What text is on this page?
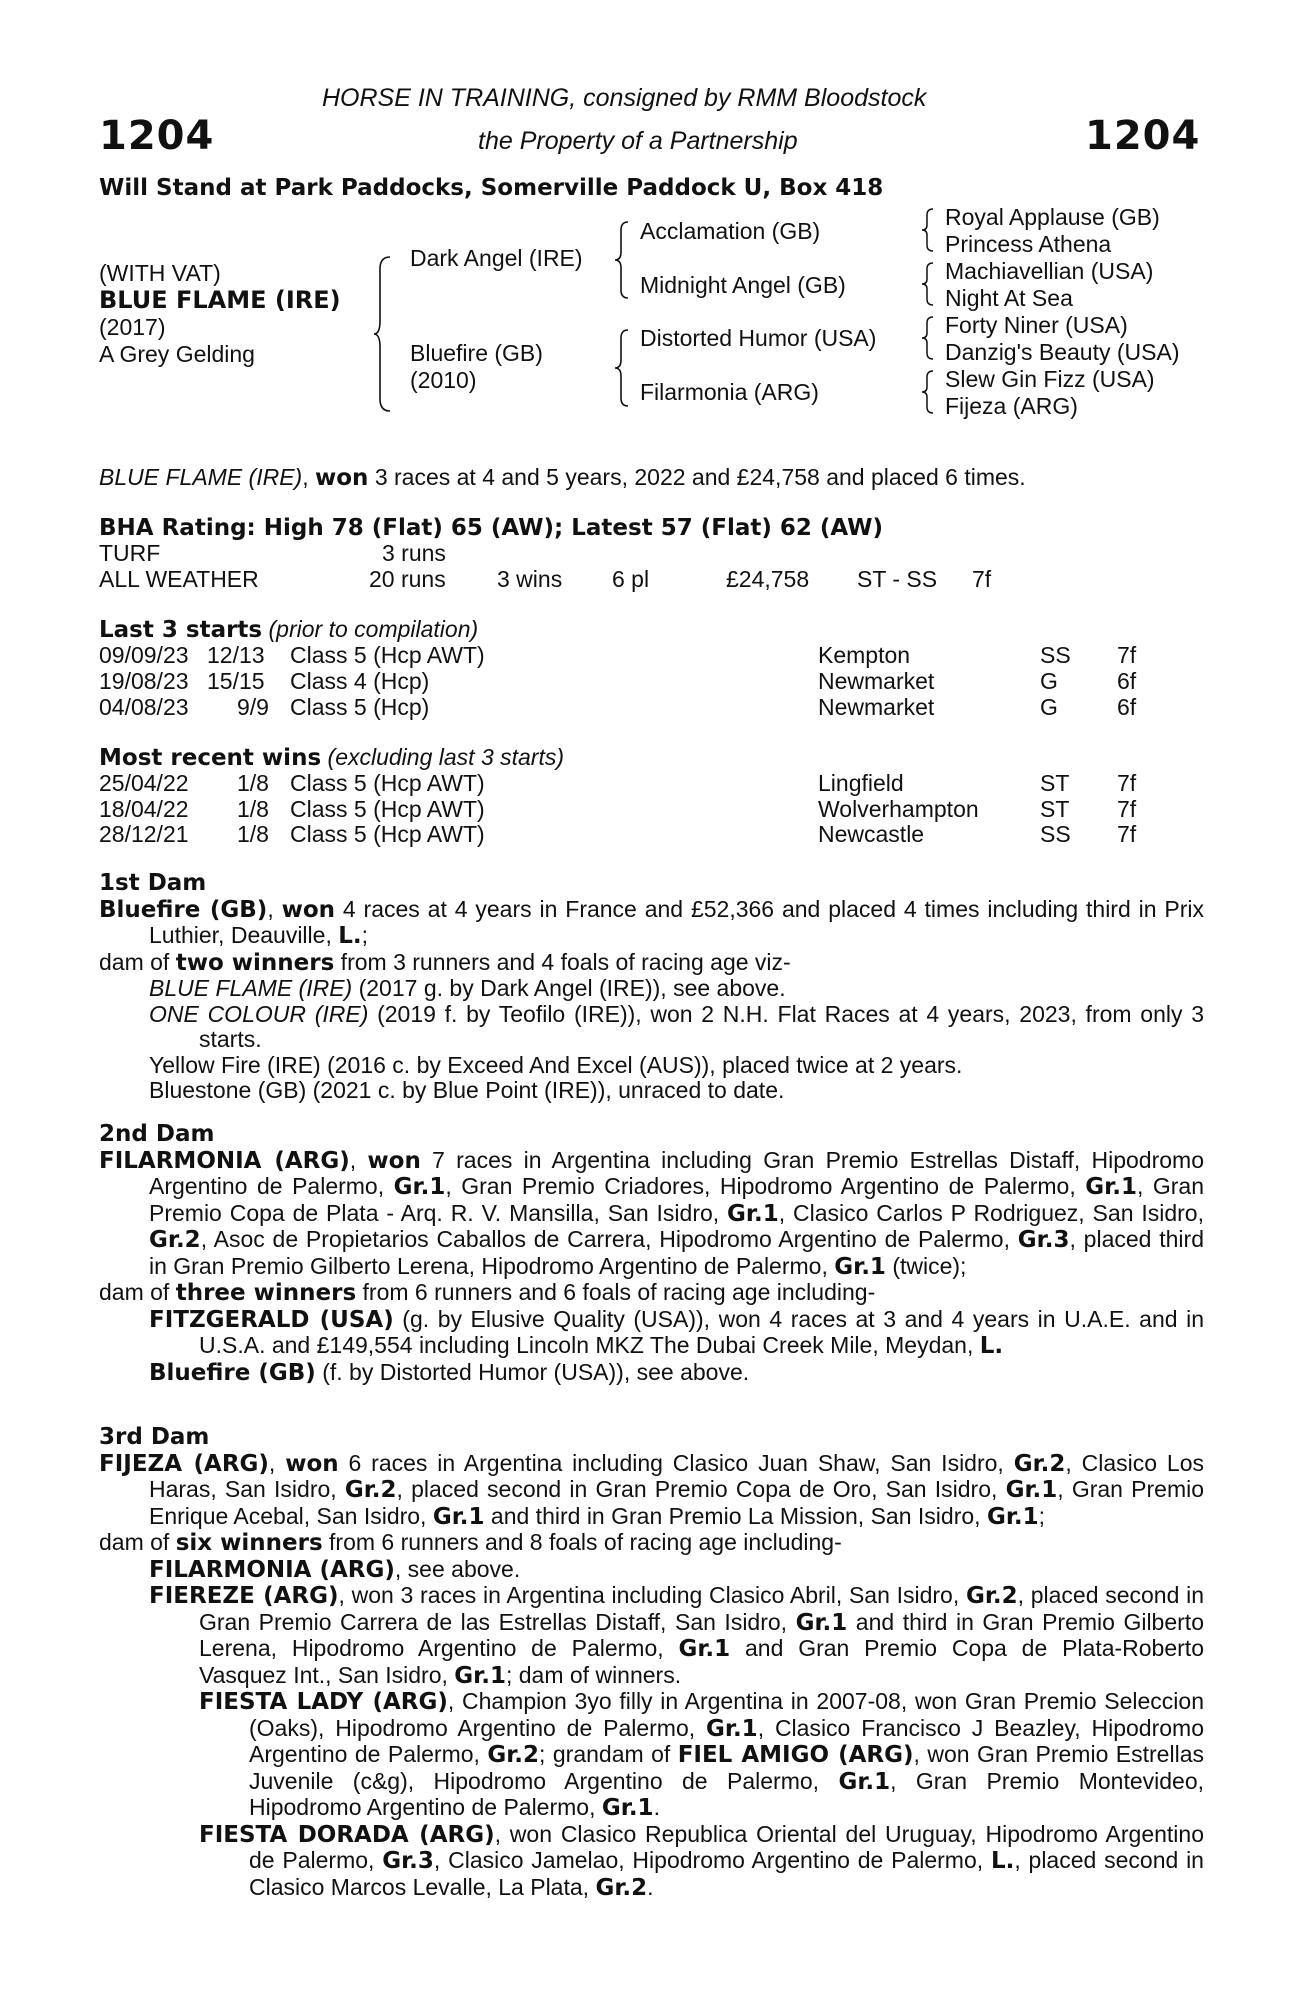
HORSE IN TRAINING, consigned by RMM Bloodstock
1204	the Property of a Partnership	1204
Will Stand at Park Paddocks, Somerville Paddock U, Box 418
(WITH VAT)
BLUE FLAME (IRE)
(2017)
A Grey Gelding
Dark Angel (IRE)
Bluefire (GB)
(2010)
Acclamation (GB)
Midnight Angel (GB)
Distorted Humor (USA)
Filarmonia (ARG)
Royal Applause (GB)
Princess Athena
Machiavellian (USA)
Night At Sea
Forty Niner (USA)
Danzig's Beauty (USA)
Slew Gin Fizz (USA)
Fijeza (ARG)
BLUE FLAME (IRE), won 3 races at 4 and 5 years, 2022 and £24,758 and placed 6 times.
BHA Rating: High 78 (Flat) 65 (AW); Latest 57 (Flat) 62 (AW)
TURF	3 runs
ALL WEATHER	20 runs 3 wins 6 pl	£24,758 ST - SS 7f
Last 3 starts (prior to compilation)
09/09/23 12/13 Class 5 (Hcp AWT)	Kempton	SS 7f
19/08/23 15/15 Class 4 (Hcp)	Newmarket	G	6f
04/08/23 9/9 Class 5 (Hcp)	Newmarket	G	6f
Most recent wins (excluding last 3 starts)
25/04/22 1/8 Class 5 (Hcp AWT)	Lingfield	ST 7f
18/04/22 1/8 Class 5 (Hcp AWT)	Wolverhampton	ST 7f
28/12/21 1/8 Class 5 (Hcp AWT)	Newcastle	SS 7f

1st Dam

Bluefire (GB), won 4 races at 4 years in France and £52,366 and placed 4 times including third in Prix Luthier, Deauville, L.;

dam of two winners from 3 runners and 4 foals of racing age viz-

BLUE FLAME (IRE) (2017 g. by Dark Angel (IRE)), see above.

ONE COLOUR (IRE) (2019 f. by Teofilo (IRE)), won 2 N.H. Flat Races at 4 years, 2023, from only 3 starts.

Yellow Fire (IRE) (2016 c. by Exceed And Excel (AUS)), placed twice at 2 years.

Bluestone (GB) (2021 c. by Blue Point (IRE)), unraced to date.

2nd Dam

FILARMONIA (ARG), won 7 races in Argentina including Gran Premio Estrellas Distaff, Hipodromo Argentino de Palermo, Gr.1, Gran Premio Criadores, Hipodromo Argentino de Palermo, Gr.1, Gran Premio Copa de Plata - Arq. R. V. Mansilla, San Isidro, Gr.1, Clasico Carlos P Rodriguez, San Isidro, Gr.2, Asoc de Propietarios Caballos de Carrera, Hipodromo Argentino de Palermo, Gr.3, placed third in Gran Premio Gilberto Lerena, Hipodromo Argentino de Palermo, Gr.1 (twice);

dam of three winners from 6 runners and 6 foals of racing age including-

FITZGERALD (USA) (g. by Elusive Quality (USA)), won 4 races at 3 and 4 years in U.A.E. and in U.S.A. and £149,554 including Lincoln MKZ The Dubai Creek Mile, Meydan, L.

Bluefire (GB) (f. by Distorted Humor (USA)), see above.

3rd Dam

FIJEZA (ARG), won 6 races in Argentina including Clasico Juan Shaw, San Isidro, Gr.2, Clasico Los Haras, San Isidro, Gr.2, placed second in Gran Premio Copa de Oro, San Isidro, Gr.1, Gran Premio Enrique Acebal, San Isidro, Gr.1 and third in Gran Premio La Mission, San Isidro, Gr.1;

dam of six winners from 6 runners and 8 foals of racing age including-

FILARMONIA (ARG), see above.

FIEREZE (ARG), won 3 races in Argentina including Clasico Abril, San Isidro, Gr.2, placed second in Gran Premio Carrera de las Estrellas Distaff, San Isidro, Gr.1 and third in Gran Premio Gilberto Lerena, Hipodromo Argentino de Palermo, Gr.1 and Gran Premio Copa de Plata-Roberto Vasquez Int., San Isidro, Gr.1; dam of winners.

FIESTA LADY (ARG), Champion 3yo filly in Argentina in 2007-08, won Gran Premio Seleccion (Oaks), Hipodromo Argentino de Palermo, Gr.1, Clasico Francisco J Beazley, Hipodromo Argentino de Palermo, Gr.2; grandam of FIEL AMIGO (ARG), won Gran Premio Estrellas Juvenile (c&g), Hipodromo Argentino de Palermo, Gr.1, Gran Premio Montevideo, Hipodromo Argentino de Palermo, Gr.1.

FIESTA DORADA (ARG), won Clasico Republica Oriental del Uruguay, Hipodromo Argentino de Palermo, Gr.3, Clasico Jamelao, Hipodromo Argentino de Palermo, L., placed second in Clasico Marcos Levalle, La Plata, Gr.2.
